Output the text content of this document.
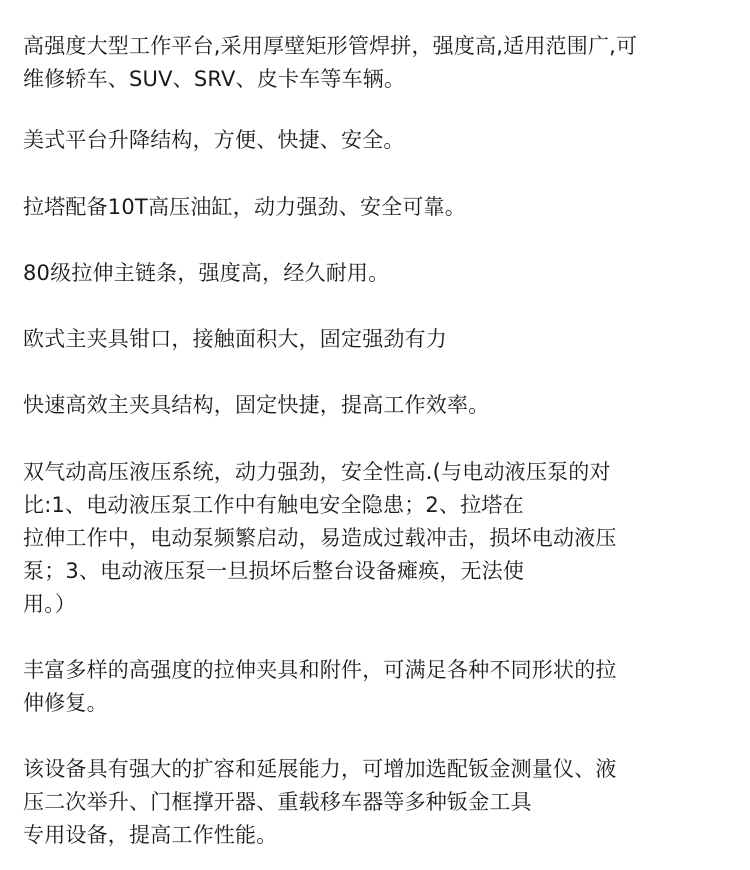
高强度大型工作平台,采用厚壁矩形管焊拼，强度高,适用范围广,可
维修轿车、SUV、SRV、皮卡车等车辆。
美式平台升降结构，方便、快捷、安全。
拉塔配备10T高压油缸，动力强劲、安全可靠。
80级拉伸主链条，强度高，经久耐用。
欧式主夹具钳口，接触面积大，固定强劲有力
快速高效主夹具结构，固定快捷，提高工作效率。
双气动高压液压系统，动力强劲，安全性高.(与电动液压泵的对
比:1、电动液压泵工作中有触电安全隐患；2、拉塔在
拉伸工作中，电动泵频繁启动，易造成过载冲击，损坏电动液压
泵；3、电动液压泵一旦损坏后整台设备瘫痪，无法使
用。）
丰富多样的高强度的拉伸夹具和附件，可满足各种不同形状的拉
伸修复。
该设备具有强大的扩容和延展能力，可增加选配钣金测量仪、液
压二次举升、门框撑开器、重载移车器等多种钣金工具
专用设备，提高工作性能。
